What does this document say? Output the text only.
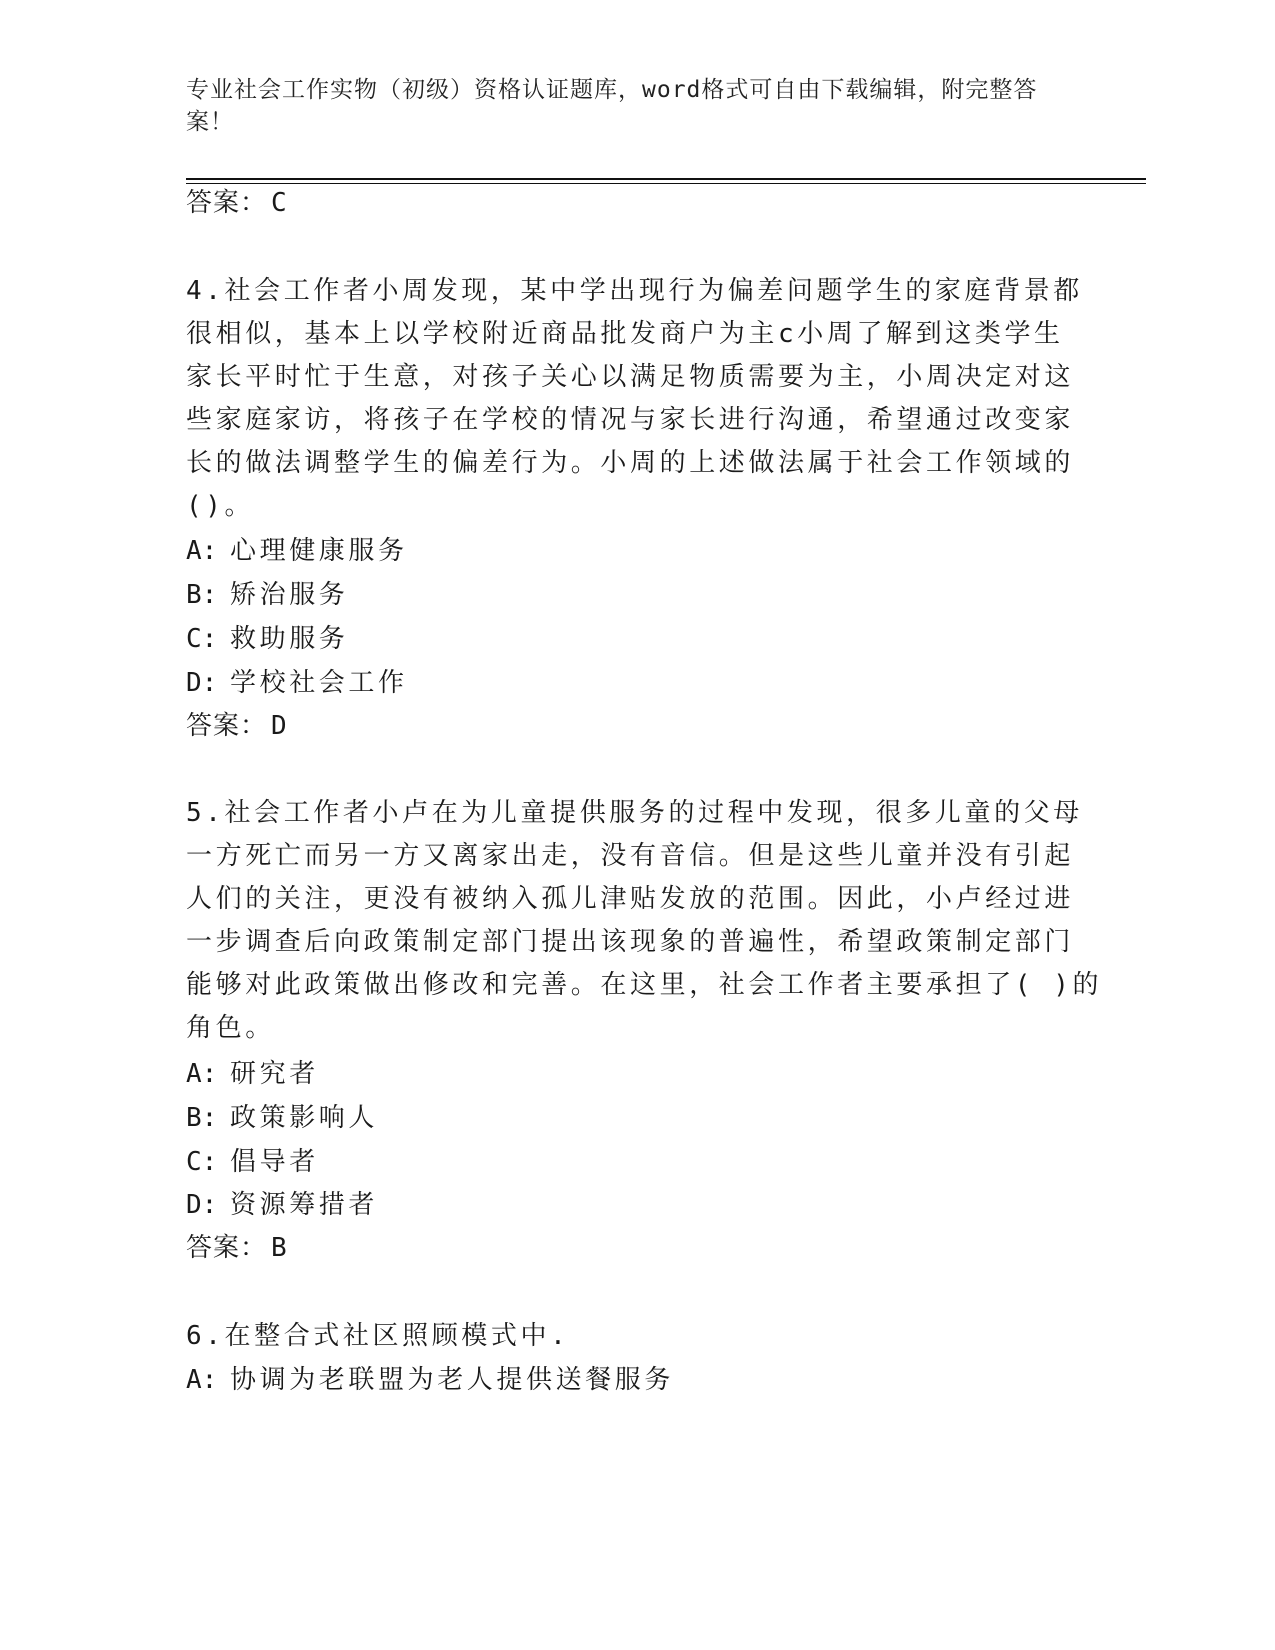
专业社会工作实物（初级）资格认证题库，word格式可自由下载编辑，附完整答
案！
答案： C
4.社会工作者小周发现，某中学出现行为偏差问题学生的家庭背景都
很相似，基本上以学校附近商品批发商户为主c小周了解到这类学生
家长平时忙于生意，对孩子关心以满足物质需要为主，小周决定对这
些家庭家访，将孩子在学校的情况与家长进行沟通，希望通过改变家
长的做法调整学生的偏差行为。小周的上述做法属于社会工作领域的
()。
A: 心理健康服务
B: 矫治服务
C: 救助服务
D: 学校社会工作
答案： D
5.社会工作者小卢在为儿童提供服务的过程中发现，很多儿童的父母
一方死亡而另一方又离家出走，没有音信。但是这些儿童并没有引起
人们的关注，更没有被纳入孤儿津贴发放的范围。因此，小卢经过进
一步调查后向政策制定部门提出该现象的普遍性，希望政策制定部门
能够对此政策做出修改和完善。在这里，社会工作者主要承担了( )的
角色。
A: 研究者
B: 政策影响人
C: 倡导者
D: 资源筹措者
答案： B
6.在整合式社区照顾模式中.
A: 协调为老联盟为老人提供送餐服务
